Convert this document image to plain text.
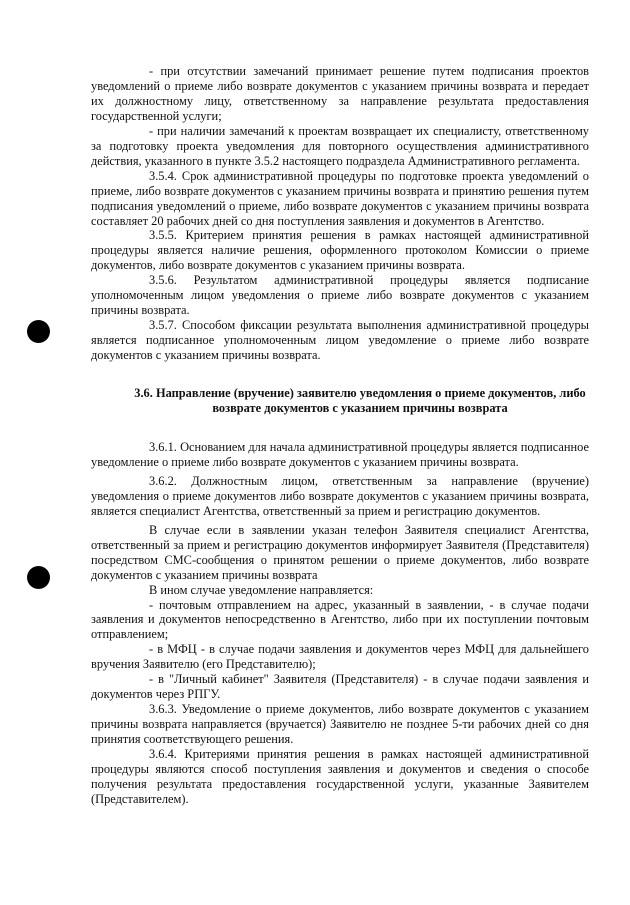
- при отсутствии замечаний принимает решение путем подписания проектов уведомлений о приеме либо возврате документов с указанием причины возврата и передает их должностному лицу, ответственному за направление результата предоставления государственной услуги;

- при наличии замечаний к проектам возвращает их специалисту, ответственному за подготовку проекта уведомления для повторного осуществления административного действия, указанного в пункте 3.5.2 настоящего подраздела Административного регламента.

3.5.4. Срок административной процедуры по подготовке проекта уведомлений о приеме, либо возврате документов с указанием причины возврата и принятию решения путем подписания уведомлений о приеме, либо возврате документов с указанием причины возврата составляет 20 рабочих дней со дня поступления заявления и документов в Агентство.

3.5.5. Критерием принятия решения в рамках настоящей административной процедуры является наличие решения, оформленного протоколом Комиссии о приеме документов, либо возврате документов с указанием причины возврата.

3.5.6. Результатом административной процедуры является подписание уполномоченным лицом уведомления о приеме либо возврате документов с указанием причины возврата.

3.5.7. Способом фиксации результата выполнения административной процедуры является подписанное уполномоченным лицом уведомление о приеме либо возврате документов с указанием причины возврата.

3.6. Направление (вручение) заявителю уведомления о приеме документов, либо возврате документов с указанием причины возврата

3.6.1. Основанием для начала административной процедуры является подписанное уведомление о приеме либо возврате документов с указанием причины возврата.

3.6.2. Должностным лицом, ответственным за направление (вручение) уведомления о приеме документов либо возврате документов с указанием причины возврата, является специалист Агентства, ответственный за прием и регистрацию документов.

В случае если в заявлении указан телефон Заявителя специалист Агентства, ответственный за прием и регистрацию документов информирует Заявителя (Представителя) посредством СМС-сообщения о принятом решении о приеме документов, либо возврате документов с указанием причины возврата

В ином случае уведомление направляется:

- почтовым отправлением на адрес, указанный в заявлении, - в случае подачи заявления и документов непосредственно в Агентство, либо при их поступлении почтовым отправлением;

- в МФЦ - в случае подачи заявления и документов через МФЦ для дальнейшего вручения Заявителю (его Представителю);

- в "Личный кабинет" Заявителя (Представителя) - в случае подачи заявления и документов через РПГУ.

3.6.3. Уведомление о приеме документов, либо возврате документов с указанием причины возврата направляется (вручается) Заявителю не позднее 5-ти рабочих дней со дня принятия соответствующего решения.

3.6.4. Критериями принятия решения в рамках настоящей административной процедуры являются способ поступления заявления и документов и сведения о способе получения результата предоставления государственной услуги, указанные Заявителем (Представителем).
